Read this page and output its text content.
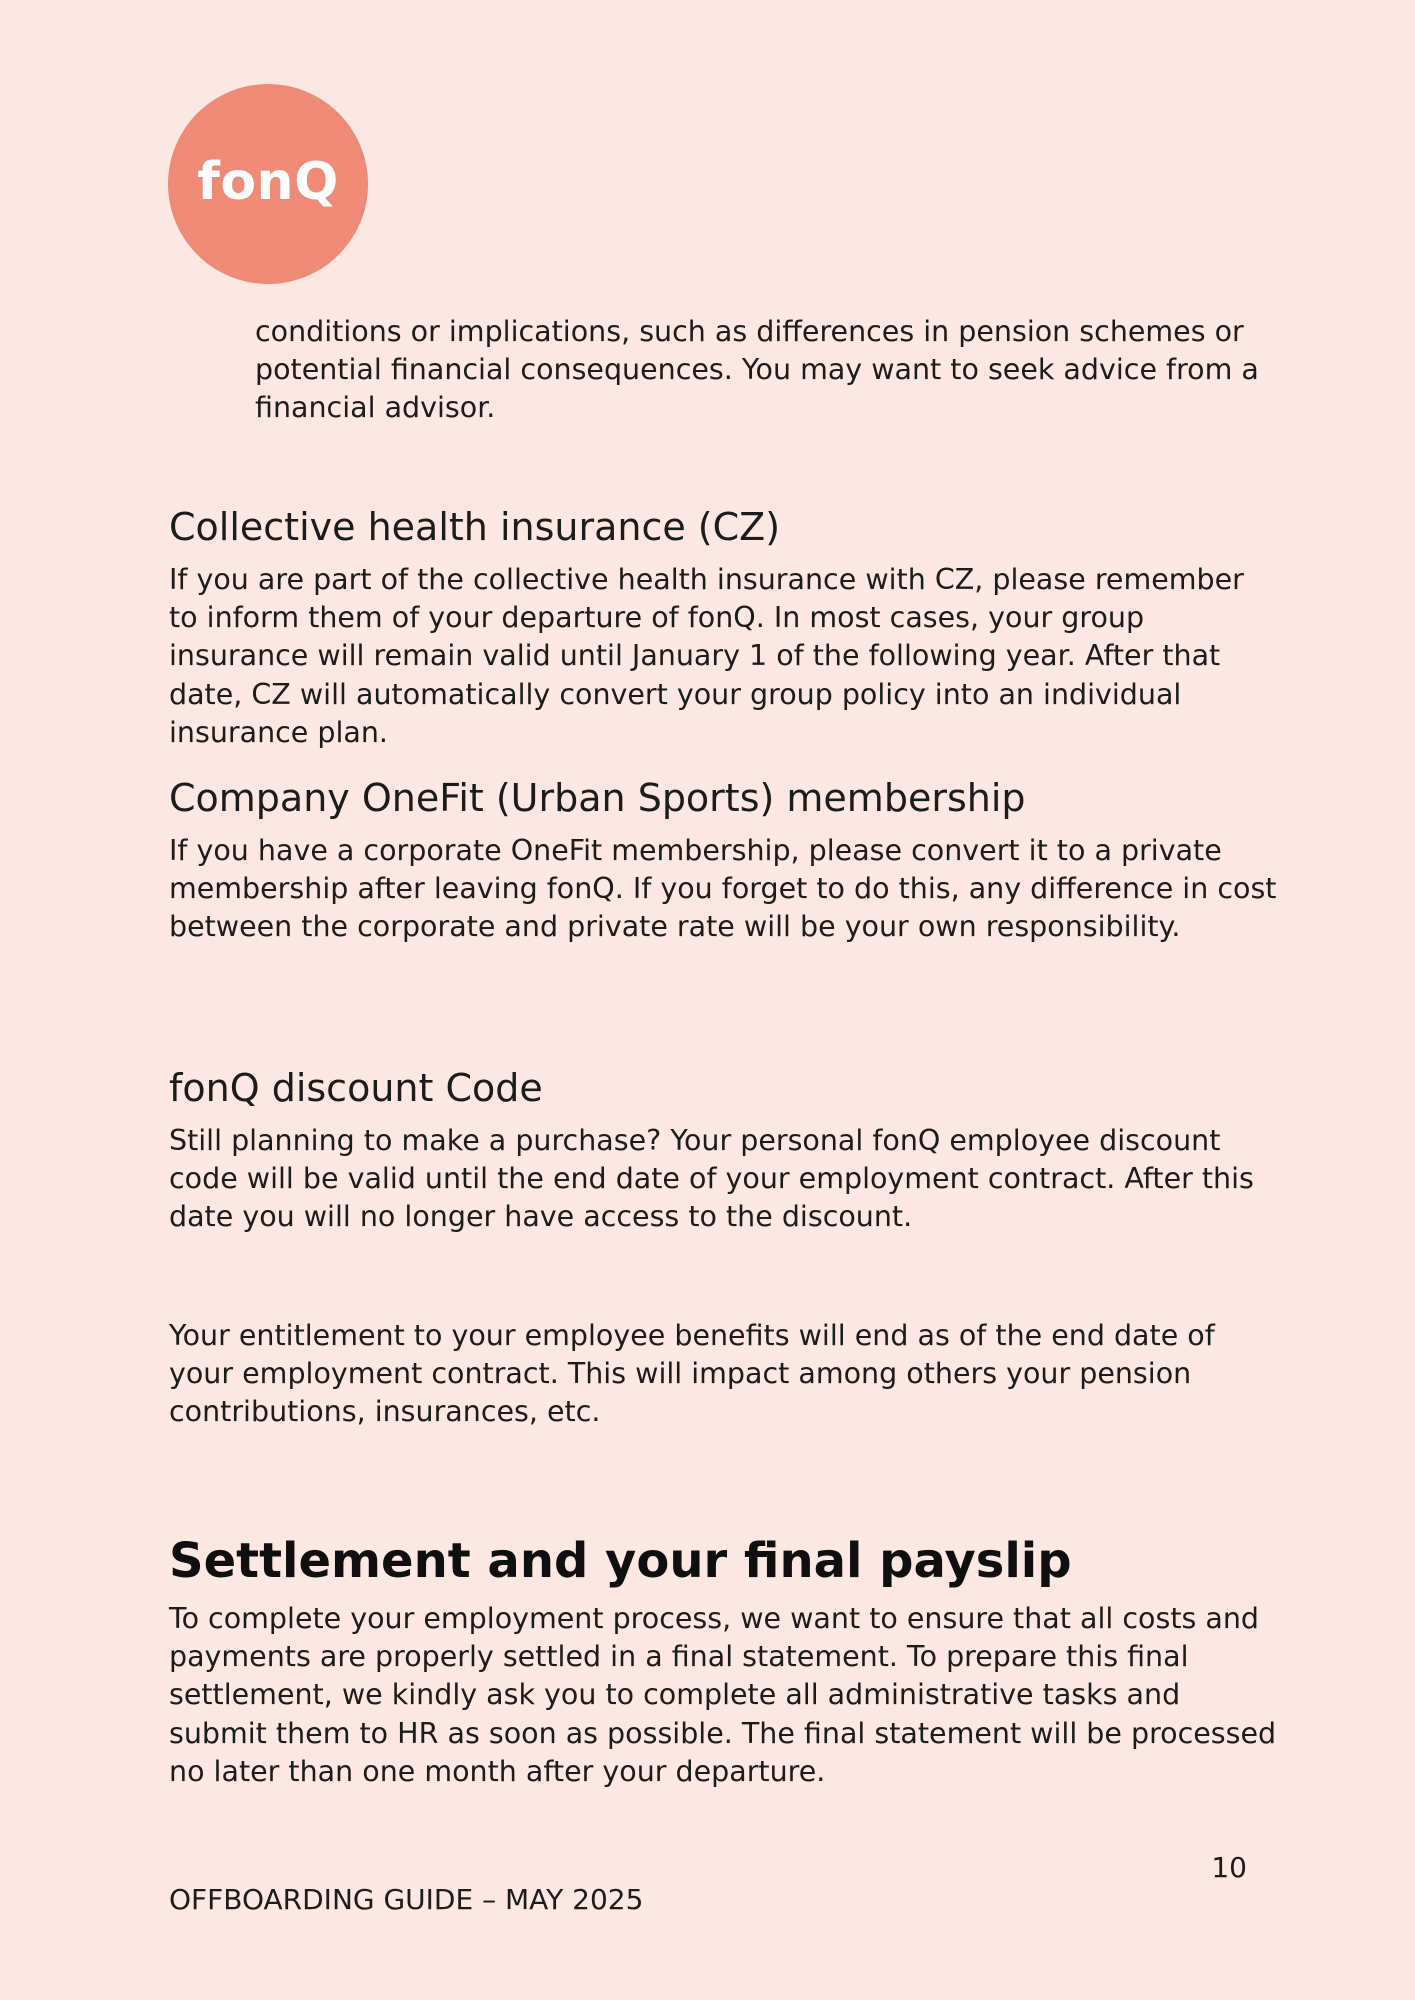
fonQ

conditions or implications, such as differences in pension schemes or potential financial consequences. You may want to seek advice from a financial advisor.

Collective health insurance (CZ)

If you are part of the collective health insurance with CZ, please remember to inform them of your departure of fonQ. In most cases, your group insurance will remain valid until January 1 of the following year. After that date, CZ will automatically convert your group policy into an individual insurance plan.

Company OneFit (Urban Sports) membership

If you have a corporate OneFit membership, please convert it to a private membership after leaving fonQ. If you forget to do this, any difference in cost between the corporate and private rate will be your own responsibility.

fonQ discount Code

Still planning to make a purchase? Your personal fonQ employee discount code will be valid until the end date of your employment contract. After this date you will no longer have access to the discount.

Your entitlement to your employee benefits will end as of the end date of your employment contract. This will impact among others your pension contributions, insurances, etc.

Settlement and your final payslip

To complete your employment process, we want to ensure that all costs and payments are properly settled in a final statement. To prepare this final settlement, we kindly ask you to complete all administrative tasks and submit them to HR as soon as possible. The final statement will be processed no later than one month after your departure.

10
OFFBOARDING GUIDE – MAY 2025
